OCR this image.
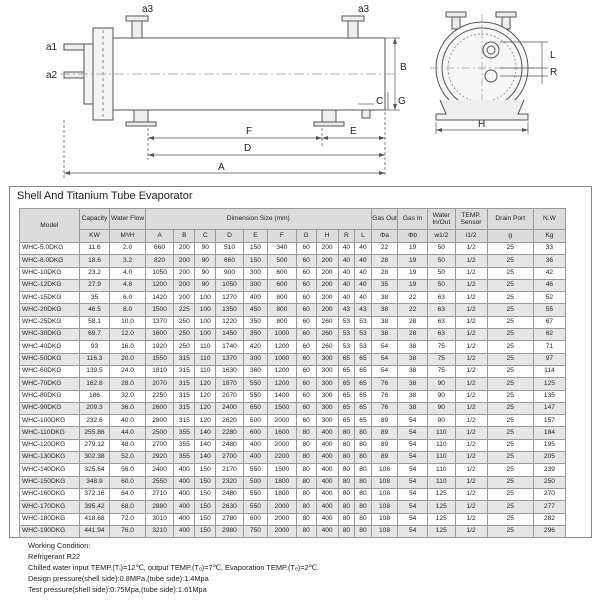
a3	a3
a1
a2
B
C G
E
F
D
A
L
R
H
Shell And Titanium Tube Evaporator
Model	Capacity	Water Flow	Dimension Size (mm)										Gas Out	Gas In	Water In/Out	TEMP. Sensor	Drain Port	N.W
	KW	M³/H	A	B	C	D	E	F	G	H	R	L	Φa	Φb	w1/2	i1/2	g	Kg
WHC-5.0DKG	11.6	2.0	660	200	90	510	150	340	60	200	40	40	22	19	50	1/2	25	33
WHC-8.0DKG	18.6	3.2	820	200	90	660	150	500	60	200	40	40	28	19	50	1/2	25	36
WHC-10DKG	23.2	4.0	1050	200	90	900	300	600	60	200	40	40	28	19	50	1/2	25	42
WHC-12DKG	27.9	4.8	1200	200	90	1050	300	600	60	200	40	40	35	19	50	1/2	25	46
WHC-15DKG	35	6.0	1420	200	100	1270	400	800	60	200	40	40	38	22	63	1/2	25	52
WHC-20DKG	46.5	8.0	1500	225	100	1350	450	800	60	200	43	43	38	22	63	1/2	25	55
WHC-25DKG	58.1	10.0	1370	250	100	1220	350	800	60	260	53	53	38	28	63	1/2	25	67
WHC-30DKG	69.7	12.0	1600	250	100	1450	350	1000	60	260	53	53	38	28	63	1/2	25	62
WHC-40DKG	93	16.0	1920	250	110	1740	420	1200	60	260	53	53	54	38	75	1/2	25	71
WHC-50DKG	116.3	20.0	1550	315	110	1370	300	1000	60	300	65	65	54	38	75	1/2	25	97
WHC-60DKG	139.5	24.0	1810	315	110	1630	360	1200	60	300	65	65	54	38	75	1/2	25	114
WHC-70DKG	162.8	28.0	2070	315	120	1870	550	1200	60	300	65	65	76	38	90	1/2	25	125
WHC-80DKG	186	32.0	2250	315	120	2070	550	1400	60	300	65	65	76	38	90	1/2	25	135
WHC-90DKG	209.3	36.0	2600	315	120	2400	650	1500	60	300	65	65	76	38	90	1/2	25	147
WHC-100DKG	232.6	40.0	2800	315	120	2620	500	2000	60	300	65	65	89	54	90	1/2	25	157
WHC-110DKG	255.86	44.0	2500	355	140	2280	600	1600	80	400	80	80	89	54	110	1/2	25	184
WHC-120DKG	279.12	48.0	2700	355	140	2480	400	2000	80	400	80	80	89	54	110	1/2	25	195
WHC-130DKG	302.38	52.0	2920	355	140	2700	400	2200	80	400	80	80	89	54	110	1/2	25	205
WHC-140DKG	325.64	56.0	2400	400	150	2170	550	1500	80	400	80	80	108	54	110	1/2	25	239
WHC-150DKG	348.9	60.0	2550	400	150	2320	500	1800	80	400	80	80	108	54	110	1/2	25	250
WHC-160DKG	372.16	64.0	2710	400	150	2480	550	1800	80	400	80	80	108	54	125	1/2	25	270
WHC-170DKG	395.42	68.0	2880	400	150	2630	550	2000	80	400	80	80	108	54	125	1/2	25	277
WHC-180DKG	418.68	72.0	3010	400	150	2780	600	2000	80	400	80	80	108	54	125	1/2	25	282
WHC-190DKG	441.94	76.0	3210	400	150	2980	750	2000	80	400	80	80	108	54	125	1/2	25	296
Working Condition:
Refrigerant R22
Chilled water input TEMP.(Tᵢ)=12℃, output TEMP.(Tₒ)=7℃, Evaporation TEMP.(Tₑ)=2℃.
Design pressure(shell side):0.8MPa,(tube side):1.4Mpa
Test pressure(shell side):0.75Mpa,(tube side):1.61Mpa
